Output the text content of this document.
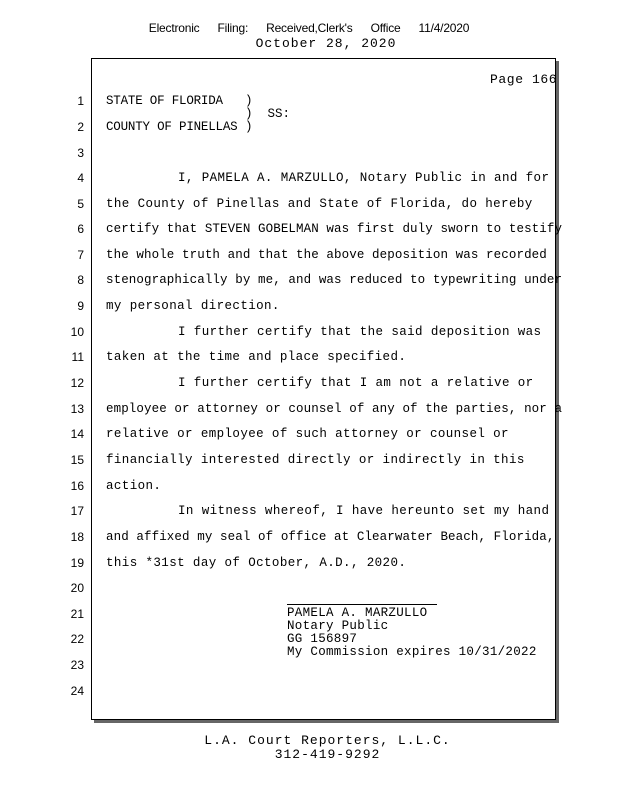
Electronic Filing: Received,Clerk's Office 11/4/2020
October 28, 2020
Page 166
1
2
3
4
5
6
7
8
9
10
11
12
13
14
15
16
17
18
19
20
21
22
23
24
STATE OF FLORIDA
COUNTY OF PINELLAS
)
)  SS:
)
I, PAMELA A. MARZULLO, Notary Public in and for
the County of Pinellas and State of Florida, do hereby
certify that STEVEN GOBELMAN was first duly sworn to testify
the whole truth and that the above deposition was recorded
stenographically by me, and was reduced to typewriting under
my personal direction.
I further certify that the said deposition was
taken at the time and place specified.
I further certify that I am not a relative or
employee or attorney or counsel of any of the parties, nor a
relative or employee of such attorney or counsel or
financially interested directly or indirectly in this
action.
In witness whereof, I have hereunto set my hand
and affixed my seal of office at Clearwater Beach, Florida,
this *31st day of October, A.D., 2020.
PAMELA A. MARZULLO
Notary Public
GG 156897
My Commission expires 10/31/2022
L.A. Court Reporters, L.L.C.
312-419-9292
